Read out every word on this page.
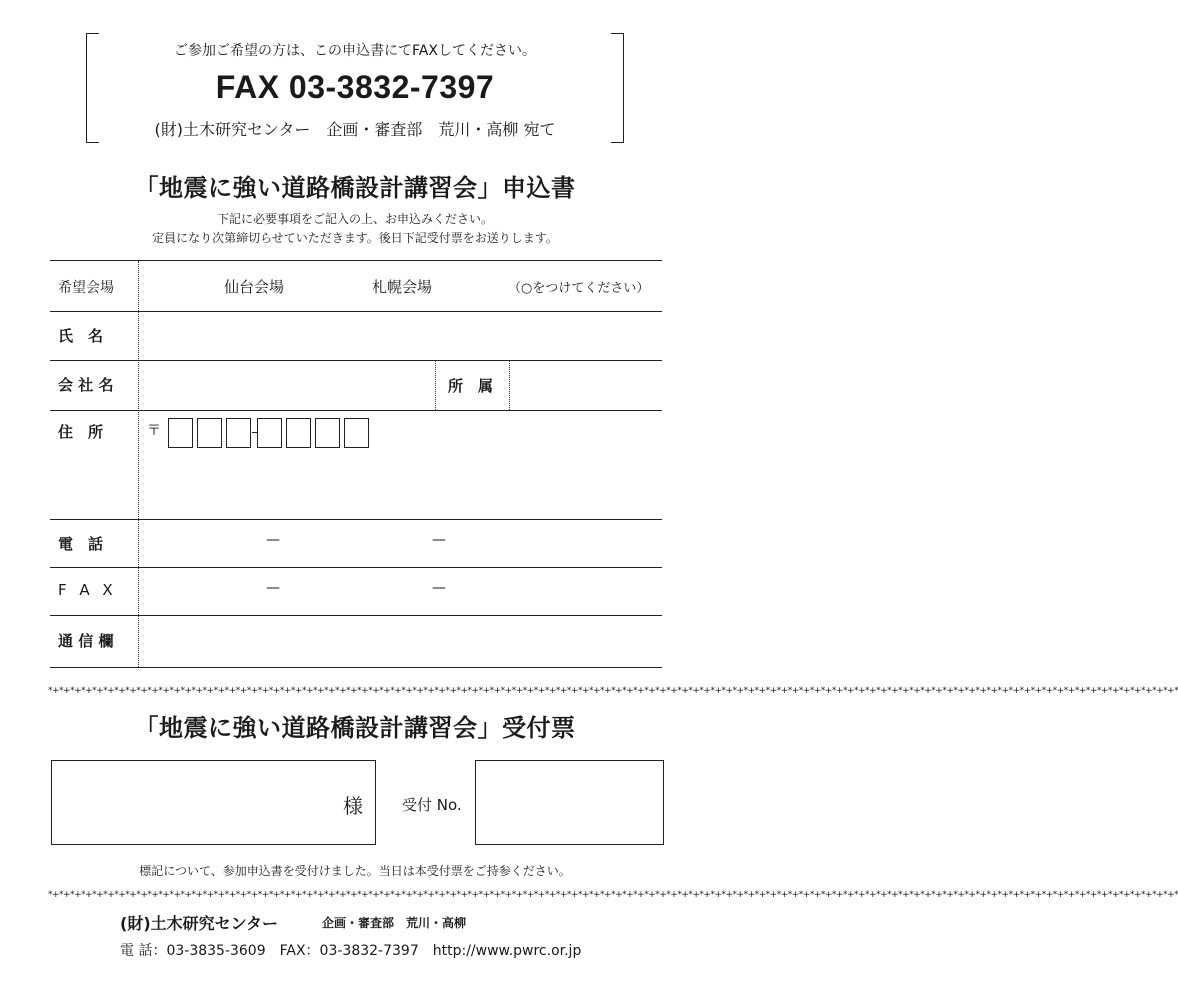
ご参加ご希望の方は、この申込書にてFAXしてください。
FAX 03-3832-7397
(財)土木研究センター　企画・審査部　荒川・高柳 宛て
「地震に強い道路橋設計講習会」申込書
下記に必要事項をご記入の上、お申込みください。
定員になり次第締切らせていただきます。後日下記受付票をお送りします。
希望会場	仙台会場	札幌会場	（○をつけてください）
氏　名
会 社 名	所　属
住　所	〒
電　話	—	—
F A X	—	—
通 信 欄
*+*+*+*+*+*+*+*+*+*+*+*+*+*+*+*+*+*+*+*+*+*+*+*+*+*+*+*+*+*+*+*+*+*+*+*+*+*+*+*+*+*+*+*+*+*+*+*+*+*+*+*+*+*+*+*+*+*+*+*+*+*+*+*+*+*+*+*+*+*+*+*+*+*+*+*+*+*+*+*+*+*+*+*+*+*+*+*+*+*+*+*+*+*+*+*+*+*+*+*+*+*+*
「地震に強い道路橋設計講習会」受付票
様	受付 No.
標記について、参加申込書を受付けました。当日は本受付票をご持参ください。
*+*+*+*+*+*+*+*+*+*+*+*+*+*+*+*+*+*+*+*+*+*+*+*+*+*+*+*+*+*+*+*+*+*+*+*+*+*+*+*+*+*+*+*+*+*+*+*+*+*+*+*+*+*+*+*+*+*+*+*+*+*+*+*+*+*+*+*+*+*+*+*+*+*+*+*+*+*+*+*+*+*+*+*+*+*+*+*+*+*+*+*+*+*+*+*+*+*+*+*+*+*+*
(財)土木研究センター	企画・審査部　荒川・高柳
電 話：03-3835-3609　FAX：03-3832-7397　http://www.pwrc.or.jp
